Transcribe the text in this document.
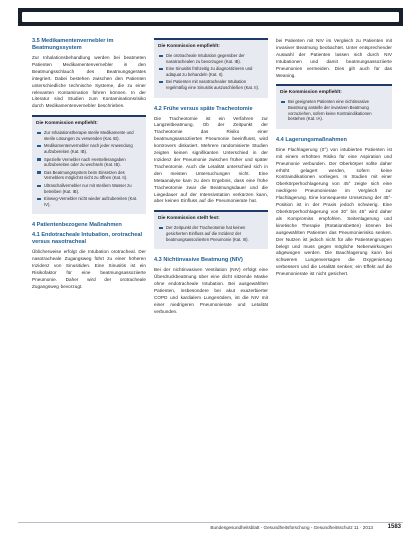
3.5 Medikamentenvernebler im Beatmungssystem
Zur Inhalationsbehandlung werden bei beatmeten Patienten Medikamentenvernebler in den Beatmungsschlauch des Beatmungsgerätes integriert. Dabei bestehen zwischen den Patienten unterschiedliche technische Systeme, die zu einer relevanten Kontamination führen können. In der Literatur sind Studien zum Kontaminationsrisiko durch Medikamentenvernebler beschrieben.
Die Kommission empfiehlt:
Zur Inhalationstherapie sterile Medikamente und sterile Lösungen zu verwenden (Kat. IB).
Medikamentenvernebler nach jeder Anwendung aufzubereiten (Kat. IB).
Spezielle Vernebler nach Herstellerangaben aufzubereiten oder zu wechseln (Kat. IB).
Das Beatmungssystem beim Einsetzen des Verneblers möglichst nicht zu öffnen (Kat. II).
Ultraschallvernebler nur mit sterilem Wasser zu betreiben (Kat. IB).
Einweg-Vernebler nicht wieder aufzubereiten (Kat. IV).
4 Patientenbezogene Maßnahmen
4.1 Endotracheale Intubation, orotracheal versus nasotracheal
Üblicherweise erfolgt die Intubation orotracheal. Der nasotracheale Zugangsweg führt zu einer höheren Inzidenz von Sinusitiden. Eine Sinusitis ist ein Risikofaktor für eine beatmungsassoziierte Pneumonie. Daher wird der orotracheale Zugangsweg bevorzugt.
Die Kommission empfiehlt:
Die orotracheale Intubation gegenüber der nasotrachealen zu bevorzugen (Kat. IB).
Eine Sinusitis frühzeitig zu diagnostizieren und adäquat zu behandeln (Kat. II).
Bei Patienten mit nasotrachealer Intubation regelmäßig eine Sinusitis auszuschließen (Kat. II).
4.2 Frühe versus späte Tracheotomie
Die Tracheotomie ist ein Verfahren zur Langzeitbeatmung. Ob der Zeitpunkt der Tracheotomie das Risiko einer beatmungsassoziierten Pneumonie beeinflusst, wird kontrovers diskutiert. Mehrere randomisierte Studien zeigten keinen signifikanten Unterschied in der Inzidenz der Pneumonie zwischen früher und später Tracheotomie. Auch die Letalität unterschied sich in den meisten Untersuchungen nicht. Eine Metaanalyse kam zu dem Ergebnis, dass eine frühe Tracheotomie zwar die Beatmungsdauer und die Liegedauer auf der Intensivstation verkürzen kann, aber keinen Einfluss auf die Pneumonierate hat.
Die Kommission stellt fest:
Der Zeitpunkt der Tracheotomie hat keinen gesicherten Einfluss auf die Inzidenz der beatmungsassoziierten Pneumonie (Kat. III).
4.3 Nichtinvasive Beatmung (NIV)
Bei der nichtinvasiven Ventilation (NIV) erfolgt eine Überdruckbeatmung über eine dicht sitzende Maske ohne endotracheale Intubation. Bei ausgewählten Patienten, insbesondere bei akut exazerbierter COPD und kardialem Lungenödem, ist die NIV mit einer niedrigeren Pneumonierate und Letalität verbunden.
bei Patienten mit NIV im Vergleich zu Patienten mit invasiver Beatmung beobachtet. Unter entsprechender Auswahl der Patienten lassen sich durch NIV Intubationen und damit beatmungsassoziierte Pneumonien vermeiden. Dies gilt auch für das Weaning.
Die Kommission empfiehlt:
Bei geeigneten Patienten eine nichtinvasive Beatmung anstelle der invasiven Beatmung vorzuziehen, sofern keine Kontraindikationen bestehen (Kat. IA).
4.4 Lagerungsmaßnahmen
Eine Flachlagerung (0°) von intubierten Patienten ist mit einem erhöhten Risiko für eine Aspiration und Pneumonie verbunden. Der Oberkörper sollte daher erhöht gelagert werden, sofern keine Kontraindikationen vorliegen. In Studien mit einer Oberkörperhochlagerung von 45° zeigte sich eine niedrigere Pneumonierate im Vergleich zur Flachlagerung. Eine konsequente Umsetzung der 45°-Position ist in der Praxis jedoch schwierig. Eine Oberkörperhochlagerung von 30° bis 45° wird daher als Kompromiss empfohlen. Seitenlagerung und kinetische Therapie (Rotationsbetten) können bei ausgewählten Patienten das Pneumonierisiko senken. Der Nutzen ist jedoch nicht für alle Patientengruppen belegt und muss gegen mögliche Nebenwirkungen abgewogen werden. Die Bauchlagerung kann bei schwerem Lungenversagen die Oxygenierung verbessern und die Letalität senken; ein Effekt auf die Pneumonierate ist nicht gesichert.
Bundesgesundheitsblatt - Gesundheitsforschung - Gesundheitsschutz 11 · 2013 1583
